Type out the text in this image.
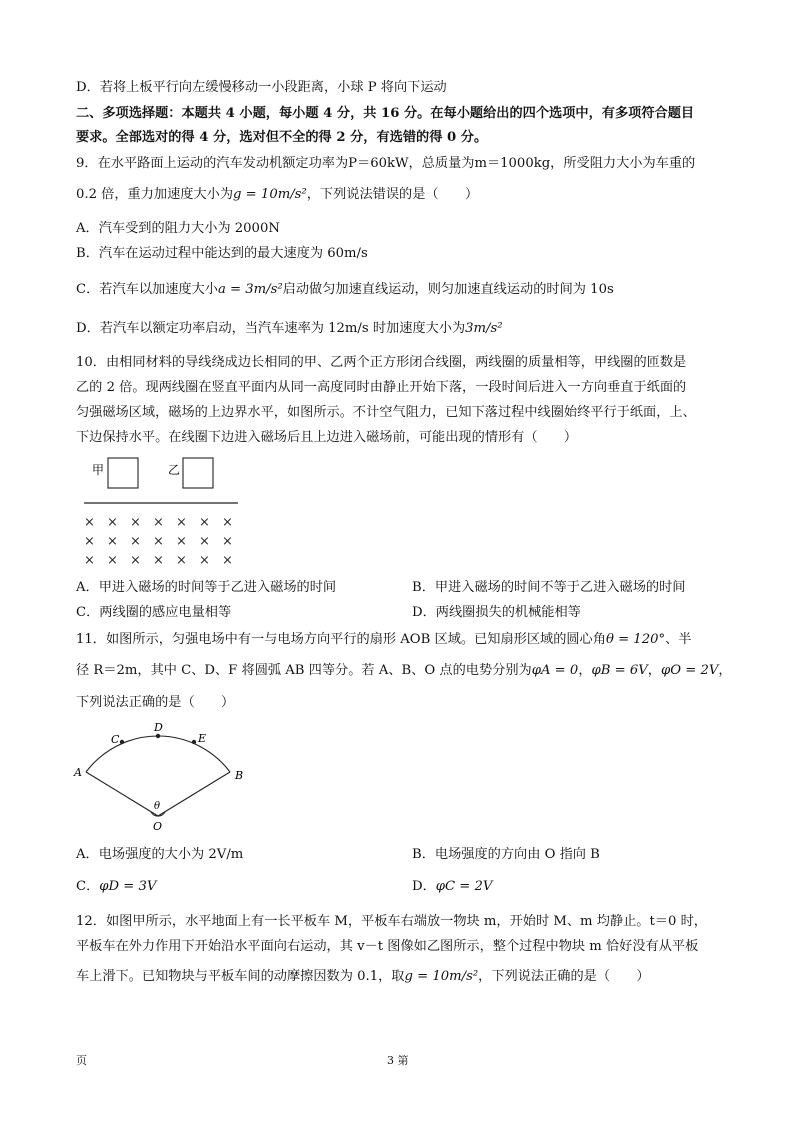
D．若将上板平行向左缓慢移动一小段距离，小球 P 将向下运动
二、多项选择题：本题共 4 小题，每小题 4 分，共 16 分。在每小题给出的四个选项中，有多项符合题目
要求。全部选对的得 4 分，选对但不全的得 2 分，有选错的得 0 分。
9．在水平路面上运动的汽车发动机额定功率为P＝60kW，总质量为m＝1000kg，所受阻力大小为车重的
0.2 倍，重力加速度大小为g = 10m/s²，下列说法错误的是（　　）
A．汽车受到的阻力大小为 2000N
B．汽车在运动过程中能达到的最大速度为 60m/s
C．若汽车以加速度大小a = 3m/s²启动做匀加速直线运动，则匀加速直线运动的时间为 10s
D．若汽车以额定功率启动，当汽车速率为 12m/s 时加速度大小为3m/s²
10．由相同材料的导线绕成边长相同的甲、乙两个正方形闭合线圈，两线圈的质量相等，甲线圈的匝数是
乙的 2 倍。现两线圈在竖直平面内从同一高度同时由静止开始下落，一段时间后进入一方向垂直于纸面的
匀强磁场区域，磁场的上边界水平，如图所示。不计空气阻力，已知下落过程中线圈始终平行于纸面，上、
下边保持水平。在线圈下边进入磁场后且上边进入磁场前，可能出现的情形有（　　）
甲	乙
× × × × × × ×
× × × × × × ×
× × × × × × ×
A．甲进入磁场的时间等于乙进入磁场的时间	B．甲进入磁场的时间不等于乙进入磁场的时间
C．两线圈的感应电量相等	D．两线圈损失的机械能相等
11．如图所示，匀强电场中有一与电场方向平行的扇形 AOB 区域。已知扇形区域的圆心角θ = 120°、半
径 R＝2m，其中 C、D、F 将圆弧 AB 四等分。若 A、B、O 点的电势分别为φA = 0，φB = 6V，φO = 2V，
下列说法正确的是（　　）
A	B
C
D
E
θ
O
A．电场强度的大小为 2V/m	B．电场强度的方向由 O 指向 B
C．φD = 3V	D．φC = 2V
12．如图甲所示，水平地面上有一长平板车 M，平板车右端放一物块 m，开始时 M、m 均静止。t＝0 时，
平板车在外力作用下开始沿水平面向右运动，其 v－t 图像如乙图所示，整个过程中物块 m 恰好没有从平板
车上滑下。已知物块与平板车间的动摩擦因数为 0.1，取g = 10m/s²，下列说法正确的是（　　）
页	3 第
